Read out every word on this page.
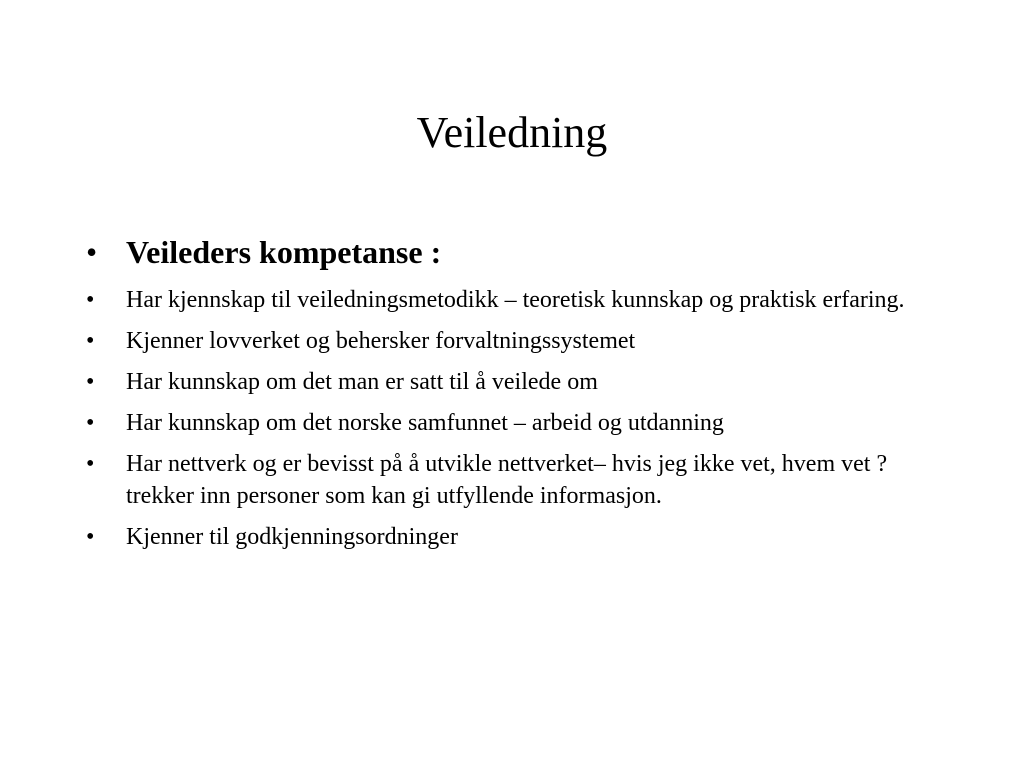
Veiledning
• Veileders kompetanse :
•	Har kjennskap til veiledningsmetodikk – teoretisk kunnskap og praktisk erfaring.
•	Kjenner lovverket og behersker forvaltningssystemet
•	Har kunnskap om det man er satt til å veilede om
•	Har kunnskap om det norske samfunnet – arbeid og utdanning
•	Har nettverk og er bevisst på å utvikle nettverket– hvis jeg ikke vet, hvem vet ? trekker inn personer som kan gi utfyllende informasjon.
•	Kjenner til godkjenningsordninger
